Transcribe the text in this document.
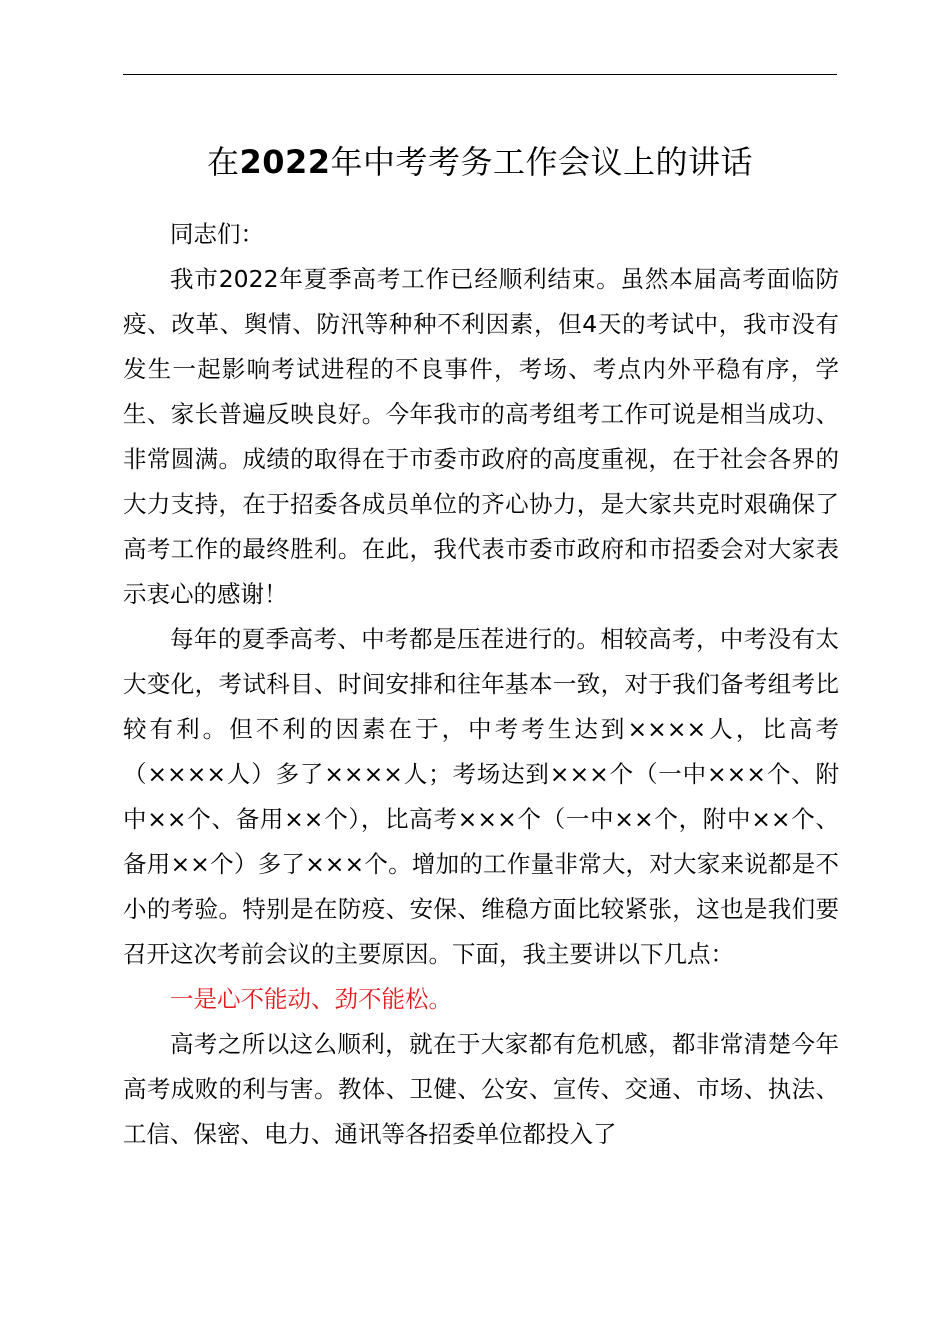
在2022年中考考务工作会议上的讲话

同志们：

我市2022年夏季高考工作已经顺利结束。虽然本届高考面临防疫、改革、舆情、防汛等种种不利因素，但4天的考试中，我市没有发生一起影响考试进程的不良事件，考场、考点内外平稳有序，学生、家长普遍反映良好。今年我市的高考组考工作可说是相当成功、非常圆满。成绩的取得在于市委市政府的高度重视，在于社会各界的大力支持，在于招委各成员单位的齐心协力，是大家共克时艰确保了高考工作的最终胜利。在此，我代表市委市政府和市招委会对大家表示衷心的感谢！

每年的夏季高考、中考都是压茬进行的。相较高考，中考没有太大变化，考试科目、时间安排和往年基本一致，对于我们备考组考比较有利。但不利的因素在于，中考考生达到××××人，比高考（××××人）多了××××人；考场达到×××个（一中×××个、附中××个、备用××个），比高考×××个（一中××个，附中××个、备用××个）多了×××个。增加的工作量非常大，对大家来说都是不小的考验。特别是在防疫、安保、维稳方面比较紧张，这也是我们要召开这次考前会议的主要原因。下面，我主要讲以下几点：

一是心不能动、劲不能松。

高考之所以这么顺利，就在于大家都有危机感，都非常清楚今年高考成败的利与害。教体、卫健、公安、宣传、交通、市场、执法、工信、保密、电力、通讯等各招委单位都投入了
